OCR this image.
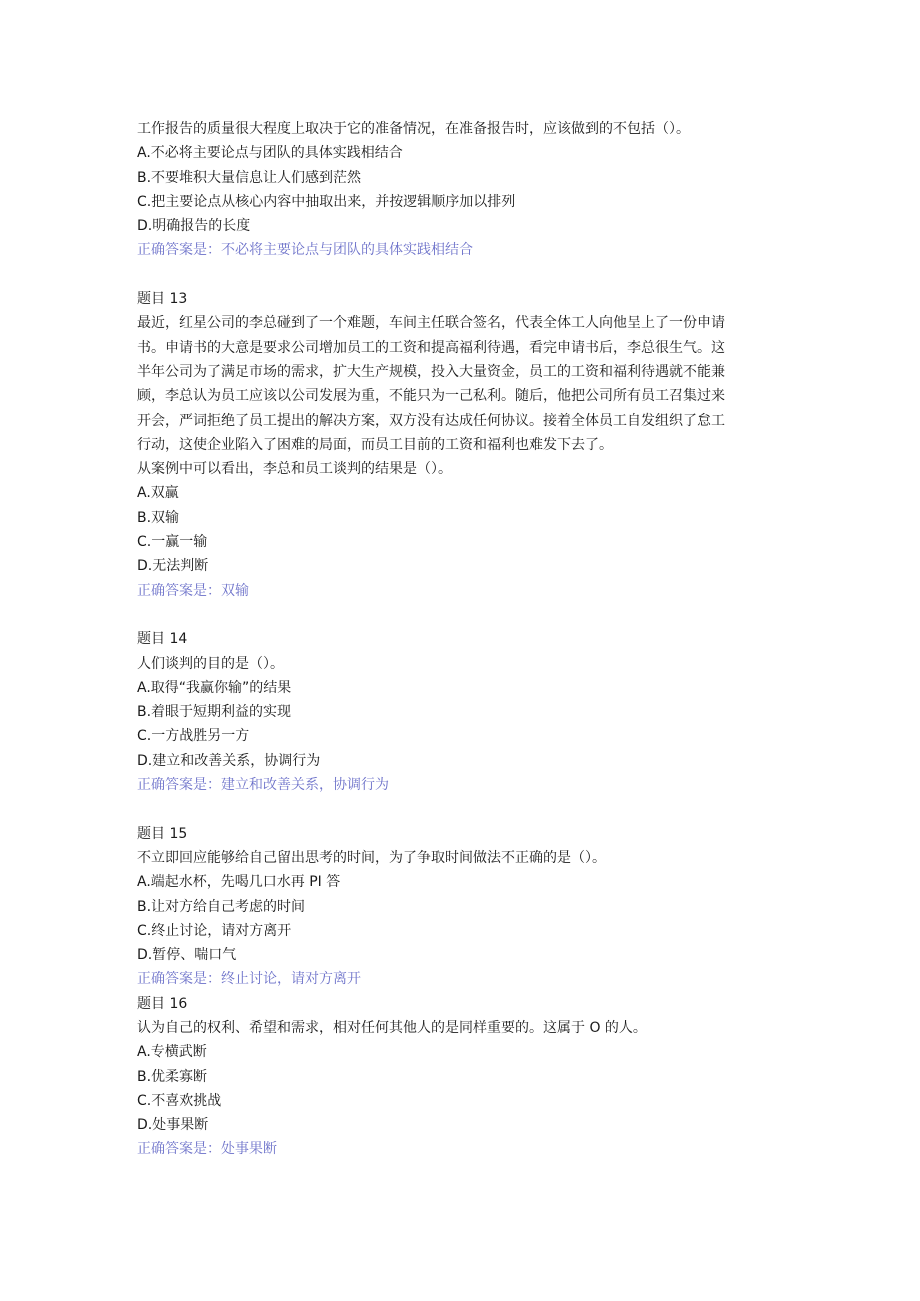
工作报告的质量很大程度上取决于它的准备情况，在准备报告时，应该做到的不包括（）。
A.不必将主要论点与团队的具体实践相结合
B.不要堆积大量信息让人们感到茫然
C.把主要论点从核心内容中抽取出来，并按逻辑顺序加以排列
D.明确报告的长度
正确答案是：不必将主要论点与团队的具体实践相结合
题目 13
最近，红星公司的李总碰到了一个难题，车间主任联合签名，代表全体工人向他呈上了一份申请
书。申请书的大意是要求公司增加员工的工资和提高福利待遇，看完申请书后，李总很生气。这
半年公司为了满足市场的需求，扩大生产规模，投入大量资金，员工的工资和福利待遇就不能兼
顾，李总认为员工应该以公司发展为重，不能只为一己私利。随后，他把公司所有员工召集过来
开会，严词拒绝了员工提出的解决方案，双方没有达成任何协议。接着全体员工自发组织了怠工
行动，这使企业陷入了困难的局面，而员工目前的工资和福利也难发下去了。
从案例中可以看出，李总和员工谈判的结果是（）。
A.双赢
B.双输
C.一赢一输
D.无法判断
正确答案是：双输
题目 14
人们谈判的目的是（）。
A.取得“我赢你输”的结果
B.着眼于短期利益的实现
C.一方战胜另一方
D.建立和改善关系，协调行为
正确答案是：建立和改善关系，协调行为
题目 15
不立即回应能够给自己留出思考的时间，为了争取时间做法不正确的是（）。
A.端起水杯，先喝几口水再 PI 答
B.让对方给自己考虑的时间
C.终止讨论，请对方离开
D.暂停、喘口气
正确答案是：终止讨论，请对方离开
题目 16
认为自己的权利、希望和需求，相对任何其他人的是同样重要的。这属于 O 的人。
A.专横武断
B.优柔寡断
C.不喜欢挑战
D.处事果断
正确答案是：处事果断
